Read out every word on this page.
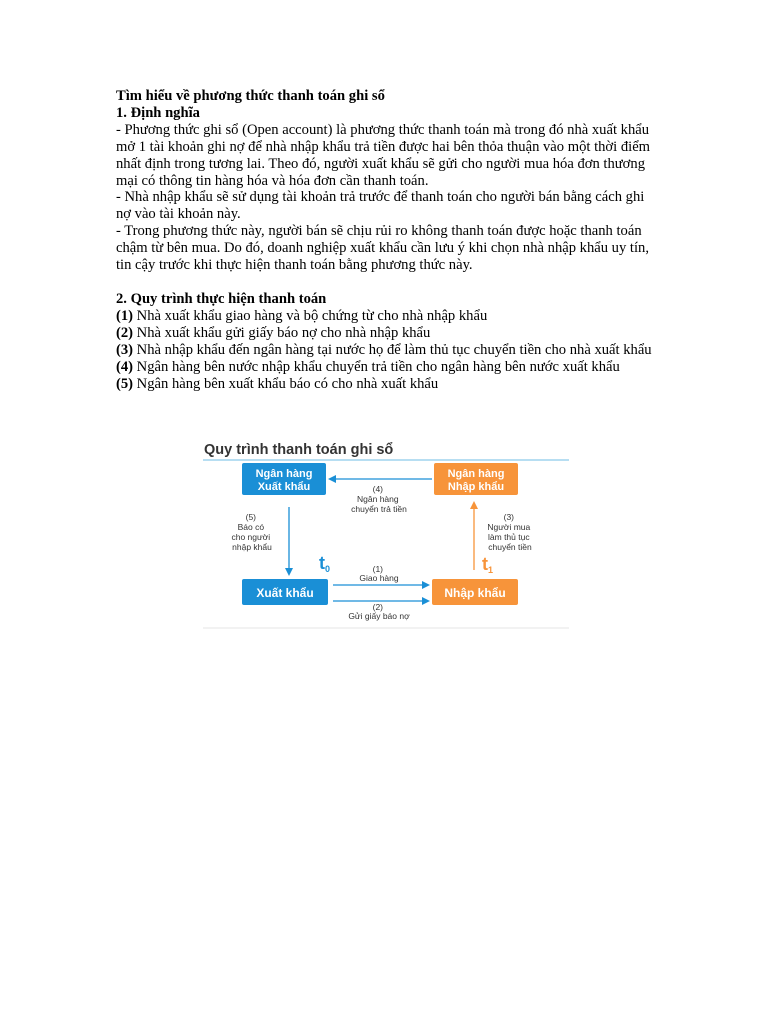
Tìm hiểu về phương thức thanh toán ghi sổ

1. Định nghĩa

- Phương thức ghi sổ (Open account) là phương thức thanh toán mà trong đó nhà xuất khẩu mở 1 tài khoản ghi nợ để nhà nhập khẩu trả tiền được hai bên thỏa thuận vào một thời điểm nhất định trong tương lai. Theo đó, người xuất khẩu sẽ gửi cho người mua hóa đơn thương mại có thông tin hàng hóa và hóa đơn cần thanh toán.

- Nhà nhập khẩu sẽ sử dụng tài khoản trả trước để thanh toán cho người bán bằng cách ghi nợ vào tài khoản này.

- Trong phương thức này, người bán sẽ chịu rủi ro không thanh toán được hoặc thanh toán chậm từ bên mua. Do đó, doanh nghiệp xuất khẩu cần lưu ý khi chọn nhà nhập khẩu uy tín, tin cậy trước khi thực hiện thanh toán bằng phương thức này.

2. Quy trình thực hiện thanh toán

(1) Nhà xuất khẩu giao hàng và bộ chứng từ cho nhà nhập khẩu

(2) Nhà xuất khẩu gửi giấy báo nợ cho nhà nhập khẩu

(3) Nhà nhập khẩu đến ngân hàng tại nước họ để làm thủ tục chuyển tiền cho nhà xuất khẩu

(4) Ngân hàng bên nước nhập khẩu chuyển trả tiền cho ngân hàng bên nước xuất khẩu

(5) Ngân hàng bên xuất khẩu báo có cho nhà xuất khẩu

Quy trình thanh toán ghi sổ
Ngân hàng
Xuất khẩu
Ngân hàng
Nhập khẩu
(4) Ngân hàng chuyển trả tiền
(5) Báo có cho người nhập khẩu
t0
(3) Người mua làm thủ tục chuyển tiền
t1
Xuất khẩu	Nhập khẩu
(1) Giao hàng
(2) Gửi giấy báo nợ
